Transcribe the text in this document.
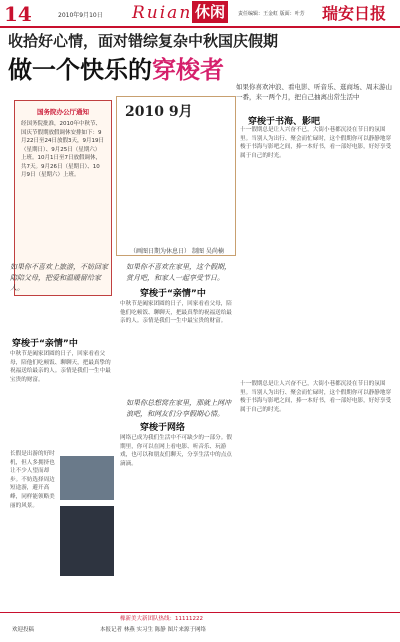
14	2010年9月10日 Ruian 休闲	责任编辑：王金虹 版面：叶芳 瑞安日报
收拾好心情，面对错综复杂中秋国庆假期
做一个快乐的穿梭者
如果你喜欢冲浪、看电影、听音乐、逛商场、周末游山一番，来一两个月，把自己抽离出常生活中
穿梭于书海、影吧
十一假期总是让人兴奋不已，大街小巷都沉浸在节日的氛围里。当别人为出行、聚会而忙碌时，这个假期你可以静静地穿梭于书海与影吧之间，捧一本好书，看一部好电影，好好享受属于自己的时光。
国务院办公厅通知
经国务院批准，2010年中秋节、国庆节假期放假调休安排如下：9月22日至24日放假3天，9月19日（星期日）、9月25日（星期六）上班。10月1日至7日放假调休，共7天。9月26日（星期日）、10月9日（星期六）上班。
2010 9月
（画图日期为休息日） 制图 吴尚楠
如果你不喜欢上旅游，不妨回家陪陪父母，把爱和温暖留给家人。
穿梭于“亲情”中
中秋节是阖家团圆的日子，回家看看父母，陪他们吃顿饭、聊聊天，把最真挚的祝福送给最亲的人。亲情是我们一生中最宝贵的财富。
如果你不喜欢在家里，这个假期，赏月吧，和家人一起享受节日。
穿梭于“亲情”中
中秋节是阖家团圆的日子，回家看看父母，陪他们吃顿饭、聊聊天，把最真挚的祝福送给最亲的人。亲情是我们一生中最宝贵的财富。
如果你总想窝在家里，那就上网冲浪吧，和网友们分享假期心情。
穿梭于网络
网络已成为我们生活中不可缺少的一部分。假期里，你可以在网上看电影、听音乐、玩游戏，也可以和朋友们聊天，分享生活中的点点滴滴。
长假是出游的好时机，但人多拥挤也让不少人望而却步。不妨选择周边短途游，避开高峰，同样能领略美丽的风景。
十一假期总是让人兴奋不已，大街小巷都沉浸在节日的氛围里。当别人为出行、聚会而忙碌时，这个假期你可以静静地穿梭于书海与影吧之间，捧一本好书，看一部好电影，好好享受属于自己的时光。
橡新美大新团队热线：11111222
欢迎投稿	本报记者 林燕 实习生 陈静 图片来源于网络
